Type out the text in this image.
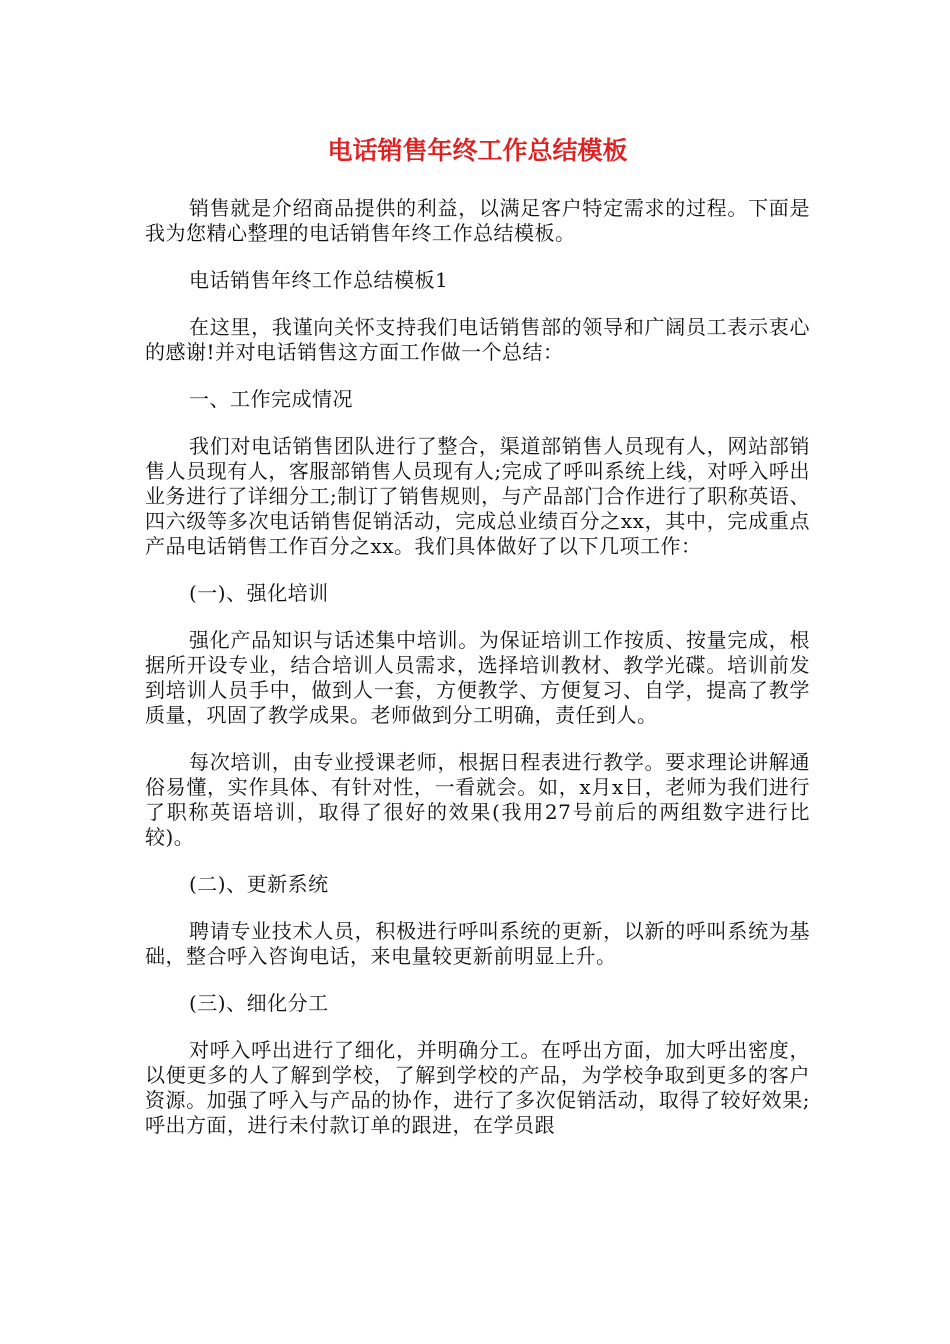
电话销售年终工作总结模板

销售就是介绍商品提供的利益，以满足客户特定需求的过程。下面是我为您精心整理的电话销售年终工作总结模板。

电话销售年终工作总结模板1

在这里，我谨向关怀支持我们电话销售部的领导和广阔员工表示衷心的感谢!并对电话销售这方面工作做一个总结：

一、工作完成情况

我们对电话销售团队进行了整合，渠道部销售人员现有人，网站部销售人员现有人，客服部销售人员现有人;完成了呼叫系统上线，对呼入呼出业务进行了详细分工;制订了销售规则，与产品部门合作进行了职称英语、四六级等多次电话销售促销活动，完成总业绩百分之xx，其中，完成重点产品电话销售工作百分之xx。我们具体做好了以下几项工作：

(一)、强化培训

强化产品知识与话述集中培训。为保证培训工作按质、按量完成，根据所开设专业，结合培训人员需求，选择培训教材、教学光碟。培训前发到培训人员手中，做到人一套，方便教学、方便复习、自学，提高了教学质量，巩固了教学成果。老师做到分工明确，责任到人。

每次培训，由专业授课老师，根据日程表进行教学。要求理论讲解通俗易懂，实作具体、有针对性，一看就会。如，x月x日，老师为我们进行了职称英语培训，取得了很好的效果(我用27号前后的两组数字进行比较)。

(二)、更新系统

聘请专业技术人员，积极进行呼叫系统的更新，以新的呼叫系统为基础，整合呼入咨询电话，来电量较更新前明显上升。

(三)、细化分工

对呼入呼出进行了细化，并明确分工。在呼出方面，加大呼出密度，以便更多的人了解到学校，了解到学校的产品，为学校争取到更多的客户资源。加强了呼入与产品的协作，进行了多次促销活动，取得了较好效果;呼出方面，进行未付款订单的跟进，在学员跟
